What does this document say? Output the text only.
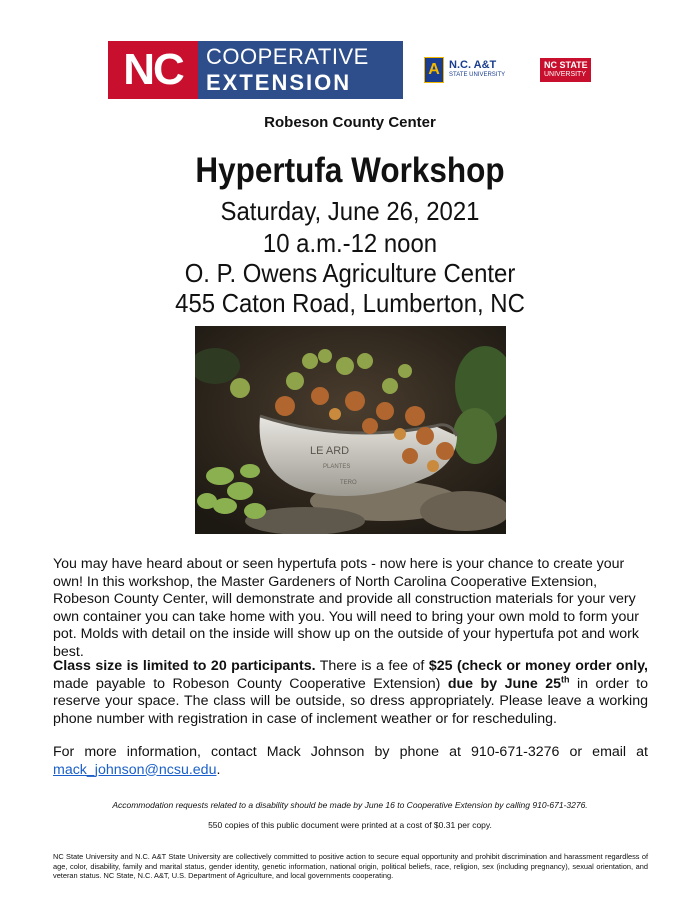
NC	COOPERATIVE
EXTENSION
A N.C. A&T
STATE UNIVERSITY
NC STATE
UNIVERSITY
Robeson County Center
Hypertufa Workshop
Saturday, June 26, 2021
10 a.m.-12 noon
O. P. Owens Agriculture Center
455 Caton Road, Lumberton, NC
LE ARD
PLANTES
TERO
You may have heard about or seen hypertufa pots - now here is your chance to create your own! In this workshop, the Master Gardeners of North Carolina Cooperative Extension, Robeson County Center, will demonstrate and provide all construction materials for your very own container you can take home with you. You will need to bring your own mold to form your pot. Molds with detail on the inside will show up on the outside of your hypertufa pot and work best.
Class size is limited to 20 participants. There is a fee of $25 (check or money order only, made payable to Robeson County Cooperative Extension) due by June 25th in order to reserve your space. The class will be outside, so dress appropriately. Please leave a working phone number with registration in case of inclement weather or for rescheduling.
For more information, contact Mack Johnson by phone at 910-671-3276 or email at mack_johnson@ncsu.edu.
Accommodation requests related to a disability should be made by June 16 to Cooperative Extension by calling 910-671-3276.
550 copies of this public document were printed at a cost of $0.31 per copy.
NC State University and N.C. A&T State University are collectively committed to positive action to secure equal opportunity and prohibit discrimination and harassment regardless of age, color, disability, family and marital status, gender identity, genetic information, national origin, political beliefs, race, religion, sex (including pregnancy), sexual orientation, and veteran status. NC State, N.C. A&T, U.S. Department of Agriculture, and local governments cooperating.
